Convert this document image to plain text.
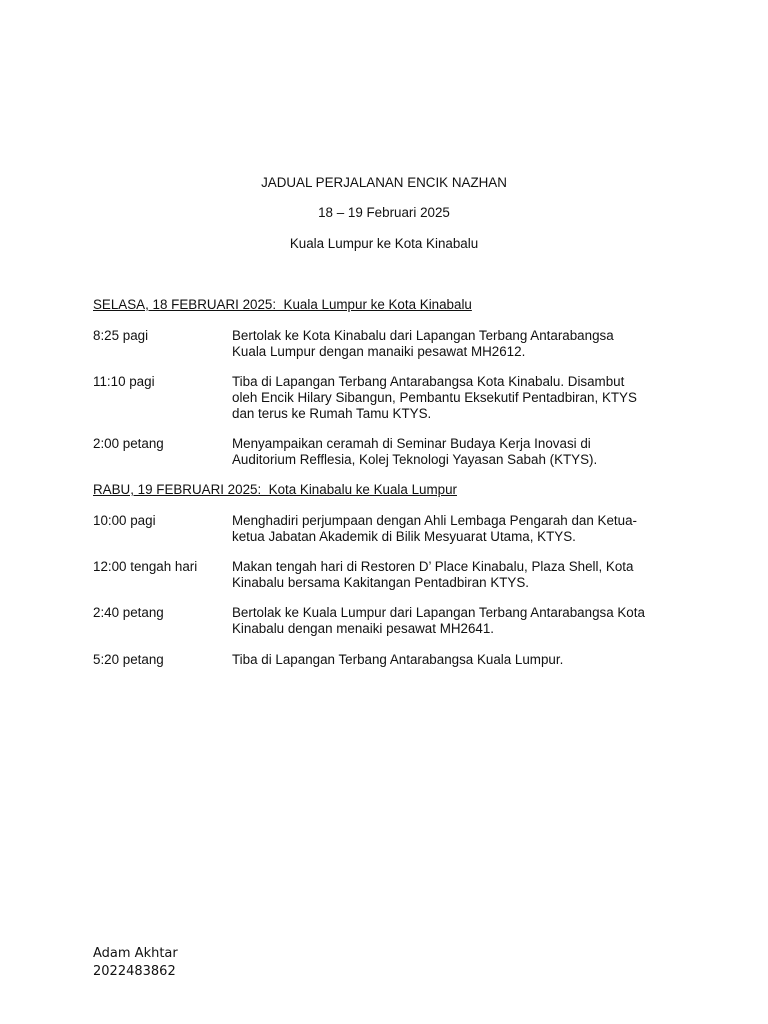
JADUAL PERJALANAN ENCIK NAZHAN
18 – 19 Februari 2025
Kuala Lumpur ke Kota Kinabalu
SELASA, 18 FEBRUARI 2025:  Kuala Lumpur ke Kota Kinabalu
8:25 pagi	Bertolak ke Kota Kinabalu dari Lapangan Terbang Antarabangsa
Kuala Lumpur dengan manaiki pesawat MH2612.
11:10 pagi	Tiba di Lapangan Terbang Antarabangsa Kota Kinabalu. Disambut
oleh Encik Hilary Sibangun, Pembantu Eksekutif Pentadbiran, KTYS
dan terus ke Rumah Tamu KTYS.
2:00 petang	Menyampaikan ceramah di Seminar Budaya Kerja Inovasi di
Auditorium Refflesia, Kolej Teknologi Yayasan Sabah (KTYS).
RABU, 19 FEBRUARI 2025:  Kota Kinabalu ke Kuala Lumpur
10:00 pagi	Menghadiri perjumpaan dengan Ahli Lembaga Pengarah dan Ketua-
ketua Jabatan Akademik di Bilik Mesyuarat Utama, KTYS.
12:00 tengah hari	Makan tengah hari di Restoren D’ Place Kinabalu, Plaza Shell, Kota
Kinabalu bersama Kakitangan Pentadbiran KTYS.
2:40 petang	Bertolak ke Kuala Lumpur dari Lapangan Terbang Antarabangsa Kota
Kinabalu dengan menaiki pesawat MH2641.
5:20 petang	Tiba di Lapangan Terbang Antarabangsa Kuala Lumpur.
Adam Akhtar
2022483862
